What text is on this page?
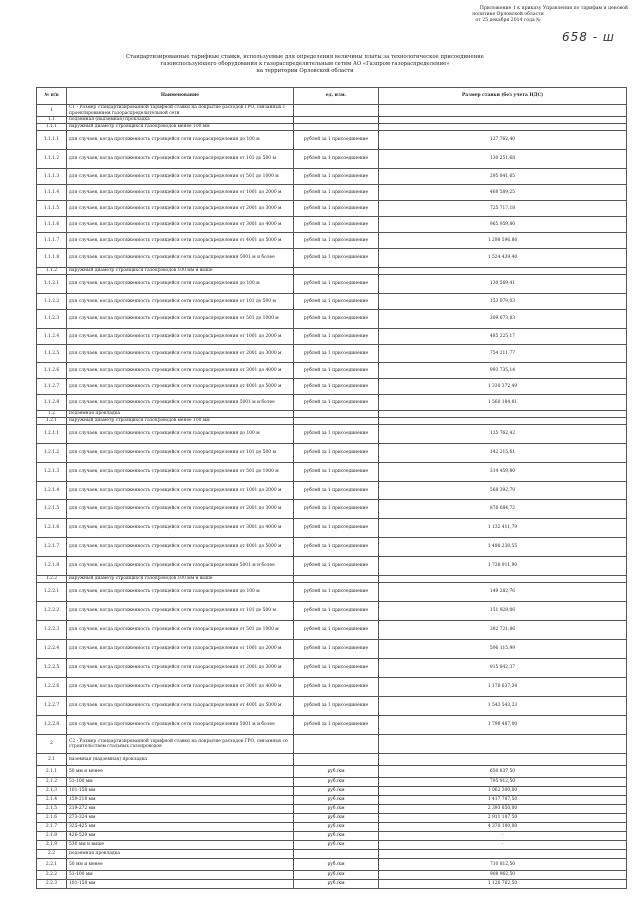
Приложение 1 к приказу Управления по тарифам и ценовой
политике Орловской области
от 25 декабря 2014 года №
658 - ш
Стандартизированные тарифные ставки, используемые для определения величины платы за технологическое присоединение
газоиспользующего оборудования к газораспределительным сетям АО «Газпром газораспределение»
на территории Орловской области
№ п/п	Наименование	ед. изм.	Размер ставки (без учета НДС)
1	С1 - Размер стандартизированной тарифной ставки на покрытие расходов ГРО, связанных с проектированием газораспределительной сети		
1.1	подземная (надземная) прокладка		
1.1.1	наружный диаметр строящихся газопроводов менее 100 мм		
1.1.1.1	для случаев, когда протяженность строящейся сети газораспределения до 100 м	рублей за 1 присоединение	127 762,40
1.1.1.2	для случаев, когда протяженность строящейся сети газораспределения от 101 до 500 м	рублей за 1 присоединение	130 251,68
1.1.1.3	для случаев, когда протяженность строящейся сети газораспределения от 501 до 1000 м	рублей за 1 присоединение	295 841,65
1.1.1.4	для случаев, когда протяженность строящейся сети газораспределения от 1001 до 2000 м	рублей за 1 присоединение	468 589,25
1.1.1.5	для случаев, когда протяженность строящейся сети газораспределения от 2001 до 3000 м	рублей за 1 присоединение	725 717,18
1.1.1.6	для случаев, когда протяженность строящейся сети газораспределения от 3001 до 4000 м	рублей за 1 присоединение	965 959,80
1.1.1.7	для случаев, когда протяженность строящейся сети газораспределения от 4001 до 5000 м	рублей за 1 присоединение	1 298 596,86
1.1.1.8	для случаев, когда протяженность строящейся сети газораспределения 5001 м и более	рублей за 1 присоединение	1 524 439,40
1.1.2	наружный диаметр строящихся газопроводов 100 мм и выше		
1.1.2.1	для случаев, когда протяженность строящейся сети газораспределения до 100 м	рублей за 1 присоединение	130 569,41
1.1.2.2	для случаев, когда протяженность строящейся сети газораспределения от 101 до 500 м	рублей за 1 присоединение	153 079,03
1.1.2.3	для случаев, когда протяженность строящейся сети газораспределения от 501 до 1000 м	рублей за 1 присоединение	309 673,83
1.1.2.4	для случаев, когда протяженность строящейся сети газораспределения от 1001 до 2000 м	рублей за 1 присоединение	485 225,17
1.1.2.5	для случаев, когда протяженность строящейся сети газораспределения от 2001 до 3000 м	рублей за 1 присоединение	754 211,77
1.1.2.6	для случаев, когда протяженность строящейся сети газораспределения от 3001 до 4000 м	рублей за 1 присоединение	993 735,14
1.1.2.7	для случаев, когда протяженность строящейся сети газораспределения от 4001 до 5000 м	рублей за 1 присоединение	1 330 372,49
1.1.2.8	для случаев, когда протяженность строящейся сети газораспределения 5001 м и более	рублей за 1 присоединение	1 560 184,81
1.2	подземная прокладка		
1.2.1	наружный диаметр строящихся газопроводов менее 100 мм		
1.2.1.1	для случаев, когда протяженность строящейся сети газораспределения до 100 м	рублей за 1 присоединение	125 762,42
1.2.1.2	для случаев, когда протяженность строящейся сети газораспределения от 101 до 500 м	рублей за 1 присоединение	142 215,61
1.2.1.3	для случаев, когда протяженность строящейся сети газораспределения от 501 до 1000 м	рублей за 1 присоединение	314 459,80
1.2.1.4	для случаев, когда протяженность строящейся сети газораспределения от 1001 до 2000 м	рублей за 1 присоединение	568 392,79
1.2.1.5	для случаев, когда протяженность строящейся сети газораспределения от 2001 до 3000 м	рублей за 1 присоединение	876 684,72
1.2.1.6	для случаев, когда протяженность строящейся сети газораспределения от 3001 до 4000 м	рублей за 1 присоединение	1 132 411,79
1.2.1.7	для случаев, когда протяженность строящейся сети газораспределения от 4001 до 5000 м	рублей за 1 присоединение	1 490 230,55
1.2.1.8	для случаев, когда протяженность строящейся сети газораспределения 5001 м и более	рублей за 1 присоединение	1 738 911,90
1.2.2	наружный диаметр строящихся газопроводов 100 мм и выше		
1.2.2.1	для случаев, когда протяженность строящейся сети газораспределения до 100 м	рублей за 1 присоединение	149 282,76
1.2.2.2	для случаев, когда протяженность строящейся сети газораспределения от 101 до 500 м	рублей за 1 присоединение	151 928,06
1.2.2.3	для случаев, когда протяженность строящейся сети газораспределения от 501 до 1000 м	рублей за 1 присоединение	382 721,86
1.2.2.4	для случаев, когда протяженность строящейся сети газораспределения от 1001 до 2000 м	рублей за 1 присоединение	596 115,99
1.2.2.5	для случаев, когда протяженность строящейся сети газораспределения от 2001 до 3000 м	рублей за 1 присоединение	915 842,37
1.2.2.6	для случаев, когда протяженность строящейся сети газораспределения от 3001 до 4000 м	рублей за 1 присоединение	1 178 637,34
1.2.2.7	для случаев, когда протяженность строящейся сети газораспределения от 4001 до 5000 м	рублей за 1 присоединение	1 543 543,23
1.2.2.8	для случаев, когда протяженность строящейся сети газораспределения 5001 м и более	рублей за 1 присоединение	1 798 487,00
2	С2 - Размер стандартизированной тарифной ставки на покрытие расходов ГРО, связанных со строительством стальных газопроводов		
2.1	наземная (надземная) прокладка		
2.1.1	50 мм и менее	руб./км	650 837,50
2.1.2	51-100 мм	руб./км	795 912,50
2.1.3	101-158 мм	руб./км	1 062 300,00
2.1.4	159-218 мм	руб./км	1 417 787,50
2.1.5	219-272 мм	руб./км	2 393 850,00
2.1.6	273-324 мм	руб./км	2 911 187,50
2.1.7	325-425 мм	руб./км	4 370 100,00
2.1.8	426-529 мм	руб./км	-
2.1.9	530 мм и выше	руб./км	-
2.2	подземная прокладка		
2.2.1	50 мм и менее	руб./км	710 812,50
2.2.2	51-100 мм	руб./км	908 962,50
2.2.3	101-158 мм	руб./км	1 126 762,50
